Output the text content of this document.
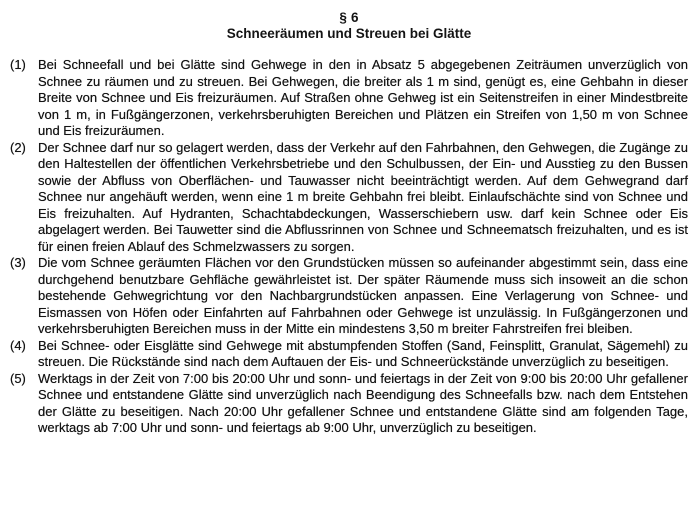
§ 6
Schneeräumen und Streuen bei Glätte
(1) Bei Schneefall und bei Glätte sind Gehwege in den in Absatz 5 abgegebenen Zeiträumen unverzüglich von Schnee zu räumen und zu streuen. Bei Gehwegen, die breiter als 1 m sind, genügt es, eine Gehbahn in dieser Breite von Schnee und Eis freizuräumen. Auf Straßen ohne Gehweg ist ein Seitenstreifen in einer Mindestbreite von 1 m, in Fußgängerzonen, verkehrsberuhigten Bereichen und Plätzen ein Streifen von 1,50 m von Schnee und Eis freizuräumen.
(2) Der Schnee darf nur so gelagert werden, dass der Verkehr auf den Fahrbahnen, den Gehwegen, die Zugänge zu den Haltestellen der öffentlichen Verkehrsbetriebe und den Schulbussen, der Ein- und Ausstieg zu den Bussen sowie der Abfluss von Oberflächen- und Tauwasser nicht beeinträchtigt werden. Auf dem Gehwegrand darf Schnee nur angehäuft werden, wenn eine 1 m breite Gehbahn frei bleibt. Einlaufschächte sind von Schnee und Eis freizuhalten. Auf Hydranten, Schachtabdeckungen, Wasserschiebern usw. darf kein Schnee oder Eis abgelagert werden. Bei Tauwetter sind die Abflussrinnen von Schnee und Schneematsch freizuhalten, und es ist für einen freien Ablauf des Schmelzwassers zu sorgen.
(3) Die vom Schnee geräumten Flächen vor den Grundstücken müssen so aufeinander abgestimmt sein, dass eine durchgehend benutzbare Gehfläche gewährleistet ist. Der später Räumende muss sich insoweit an die schon bestehende Gehwegrichtung vor den Nachbargrundstücken anpassen. Eine Verlagerung von Schnee- und Eismassen von Höfen oder Einfahrten auf Fahrbahnen oder Gehwege ist unzulässig. In Fußgängerzonen und verkehrsberuhigten Bereichen muss in der Mitte ein mindestens 3,50 m breiter Fahrstreifen frei bleiben.
(4) Bei Schnee- oder Eisglätte sind Gehwege mit abstumpfenden Stoffen (Sand, Feinsplitt, Granulat, Sägemehl) zu streuen. Die Rückstände sind nach dem Auftauen der Eis- und Schneerückstände unverzüglich zu beseitigen.
(5) Werktags in der Zeit von 7:00 bis 20:00 Uhr und sonn- und feiertags in der Zeit von 9:00 bis 20:00 Uhr gefallener Schnee und entstandene Glätte sind unverzüglich nach Beendigung des Schneefalls bzw. nach dem Entstehen der Glätte zu beseitigen. Nach 20:00 Uhr gefallener Schnee und entstandene Glätte sind am folgenden Tage, werktags ab 7:00 Uhr und sonn- und feiertags ab 9:00 Uhr, unverzüglich zu beseitigen.
